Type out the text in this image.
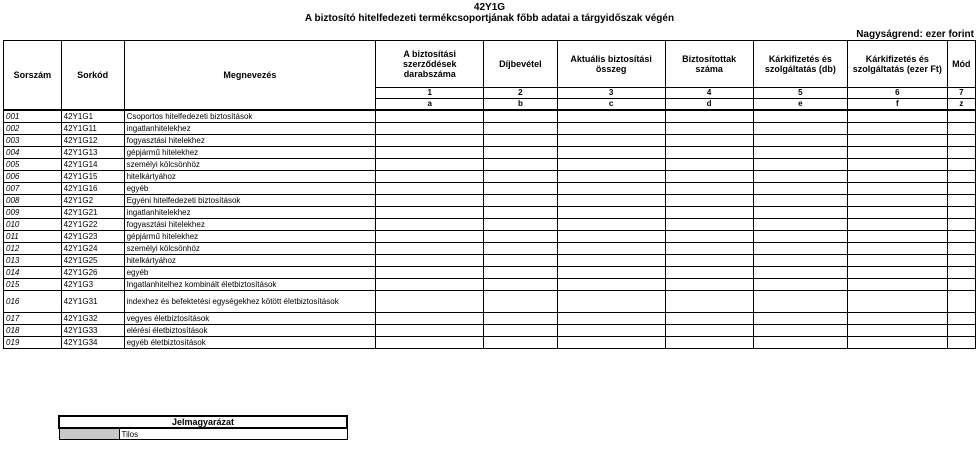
42Y1G
A biztosító hitelfedezeti termékcsoportjának főbb adatai a tárgyidőszak végén
Nagyságrend: ezer forint
Sorszám	Sorkód	Megnevezés	A biztosítási szerződések darabszáma	Díjbevétel	Aktuális biztosítási összeg	Biztosítottak száma	Kárkifizetés és szolgáltatás (db)	Kárkifizetés és szolgáltatás (ezer Ft)	Mód
			1	2	3	4	5	6	7
			a	b	c	d	e	f	z
001	42Y1G1	Csoportos hitelfedezeti biztosítások							
002	42Y1G11	ingatlanhitelekhez							
003	42Y1G12	fogyasztási hitelekhez							
004	42Y1G13	gépjármű hitelekhez							
005	42Y1G14	személyi kölcsönhöz							
006	42Y1G15	hitelkártyához							
007	42Y1G16	egyéb							
008	42Y1G2	Egyéni hitelfedezeti biztosítások							
009	42Y1G21	ingatlanhitelekhez							
010	42Y1G22	fogyasztási hitelekhez							
011	42Y1G23	gépjármű hitelekhez							
012	42Y1G24	személyi kölcsönhöz							
013	42Y1G25	hitelkártyához							
014	42Y1G26	egyéb							
015	42Y1G3	Ingatlanhitelhez kombinált életbiztosítások							
016	42Y1G31	indexhez és befektetési egységekhez kötött életbiztosítások							
017	42Y1G32	vegyes életbiztosítások							
018	42Y1G33	elérési életbiztosítások							
019	42Y1G34	egyéb életbiztosítások							
Jelmagyarázat
	Tilos
